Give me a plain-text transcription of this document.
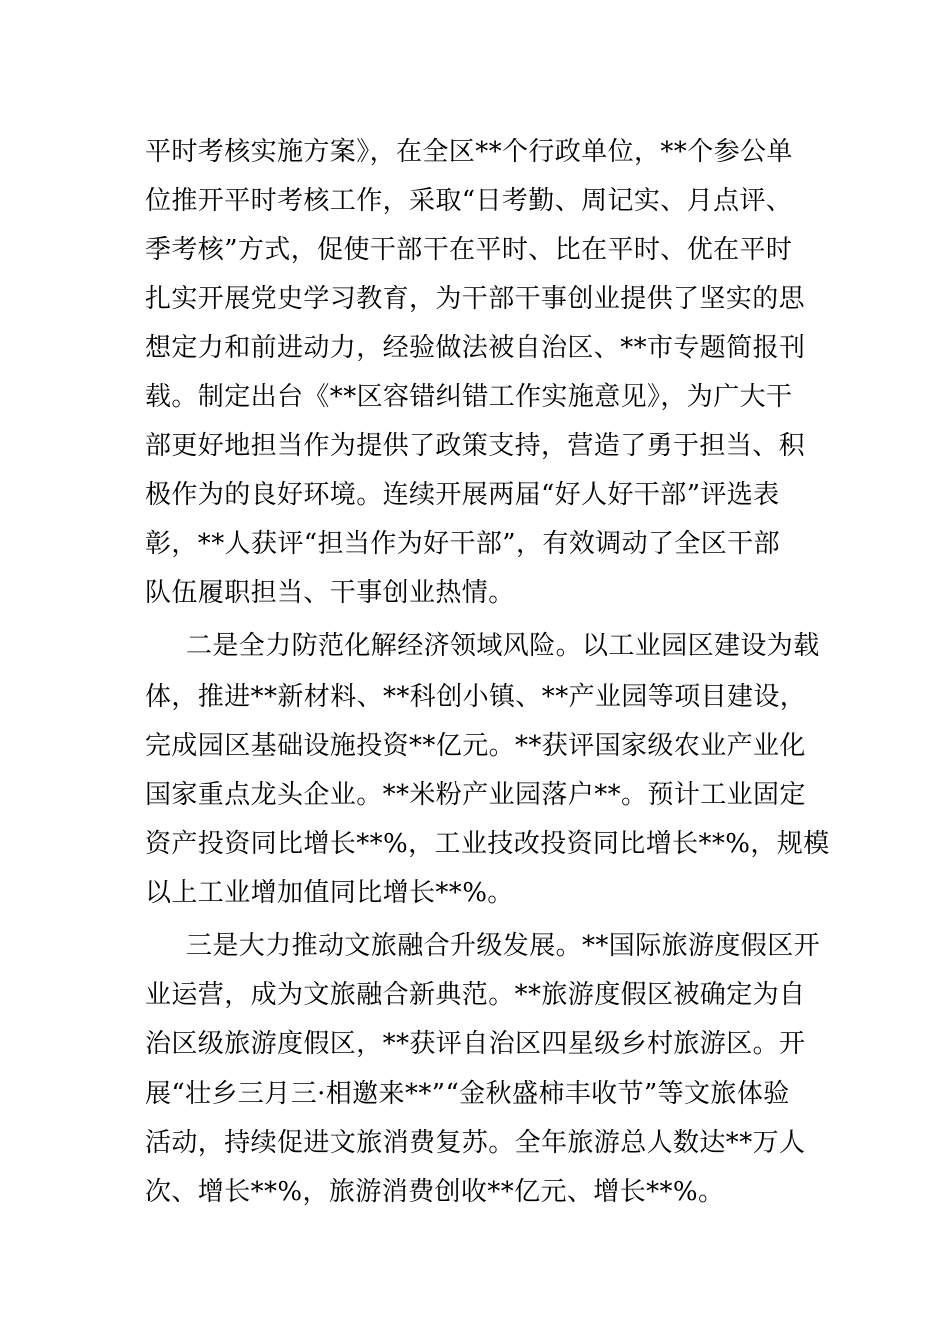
平时考核实施方案》，在全区**个行政单位，**个参公单
位推开平时考核工作，采取“日考勤、周记实、月点评、
季考核”方式，促使干部干在平时、比在平时、优在平时
扎实开展党史学习教育，为干部干事创业提供了坚实的思
想定力和前进动力，经验做法被自治区、**市专题简报刊
载。制定出台《**区容错纠错工作实施意见》，为广大干
部更好地担当作为提供了政策支持，营造了勇于担当、积
极作为的良好环境。连续开展两届“好人好干部”评选表
彰，**人获评“担当作为好干部”，有效调动了全区干部
队伍履职担当、干事创业热情。
二是全力防范化解经济领域风险。以工业园区建设为载
体，推进**新材料、**科创小镇、**产业园等项目建设，
完成园区基础设施投资**亿元。**获评国家级农业产业化
国家重点龙头企业。**米粉产业园落户**。预计工业固定
资产投资同比增长**%，工业技改投资同比增长**%，规模
以上工业增加值同比增长**%。
三是大力推动文旅融合升级发展。**国际旅游度假区开
业运营，成为文旅融合新典范。**旅游度假区被确定为自
治区级旅游度假区，**获评自治区四星级乡村旅游区。开
展“壮乡三月三·相邀来**”“金秋盛柿丰收节”等文旅体验
活动，持续促进文旅消费复苏。全年旅游总人数达**万人
次、增长**%，旅游消费创收**亿元、增长**%。
